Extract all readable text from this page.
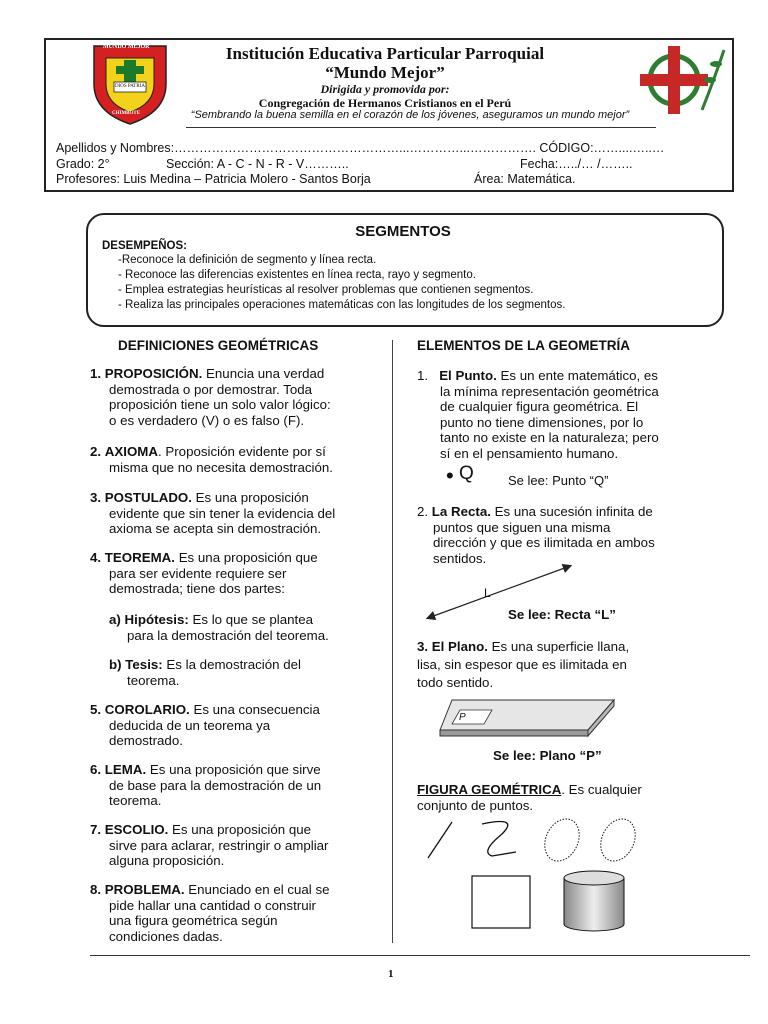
MUNDO MEJOR
DIOS PATRIA
CHIMBOTE
Institución Educativa Particular Parroquial
“Mundo Mejor”
Dirigida y promovida por:
Congregación de Hermanos Cristianos en el Perú
“Sembrando la buena semilla en el corazón de los jóvenes, aseguramos un mundo mejor”
Apellidos y Nombres:………………………………………………...…………...……………. CÓDIGO:……....…..…
Grado: 2°	Sección: A - C - N - R - V………..	Fecha:…../… /……..
Profesores: Luis Medina – Patricia Molero - Santos Borja	Área: Matemática.
SEGMENTOS
DESEMPEÑOS:
-Reconoce la definición de segmento y línea recta.
- Reconoce las diferencias existentes en línea recta, rayo y segmento.
- Emplea estrategias heurísticas al resolver problemas que contienen segmentos.
- Realiza las principales operaciones matemáticas con las longitudes de los segmentos.
DEFINICIONES GEOMÉTRICAS
1. PROPOSICIÓN. Enuncia una verdad
demostrada o por demostrar. Toda
proposición tiene un solo valor lógico:
o es verdadero (V) o es falso (F).
2. AXIOMA. Proposición evidente por sí
misma que no necesita demostración.
3. POSTULADO. Es una proposición
evidente que sin tener la evidencia del
axioma se acepta sin demostración.
4. TEOREMA. Es una proposición que
para ser evidente requiere ser
demostrada; tiene dos partes:
a) Hipótesis: Es lo que se plantea
para la demostración del teorema.
b) Tesis: Es la demostración del
teorema.
5. COROLARIO. Es una consecuencia
deducida de un teorema ya
demostrado.
6. LEMA. Es una proposición que sirve
de base para la demostración de un
teorema.
7. ESCOLIO. Es una proposición que
sirve para aclarar, restringir o ampliar
alguna proposición.
8. PROBLEMA. Enunciado en el cual se
pide hallar una cantidad o construir
una figura geométrica según
condiciones dadas.
ELEMENTOS DE LA GEOMETRÍA
1. El Punto. Es un ente matemático, es
la mínima representación geométrica
de cualquier figura geométrica. El
punto no tiene dimensiones, por lo
tanto no existe en la naturaleza; pero
sí en el pensamiento humano.
• Q	Se lee: Punto “Q”
2. La Recta. Es una sucesión infinita de
puntos que siguen una misma
dirección y que es ilimitada en ambos
sentidos.
L
Se lee: Recta “L”
3. El Plano. Es una superficie llana,
lisa, sin espesor que es ilimitada en
todo sentido.
P
Se lee: Plano “P”
FIGURA GEOMÉTRICA. Es cualquier
conjunto de puntos.
1
